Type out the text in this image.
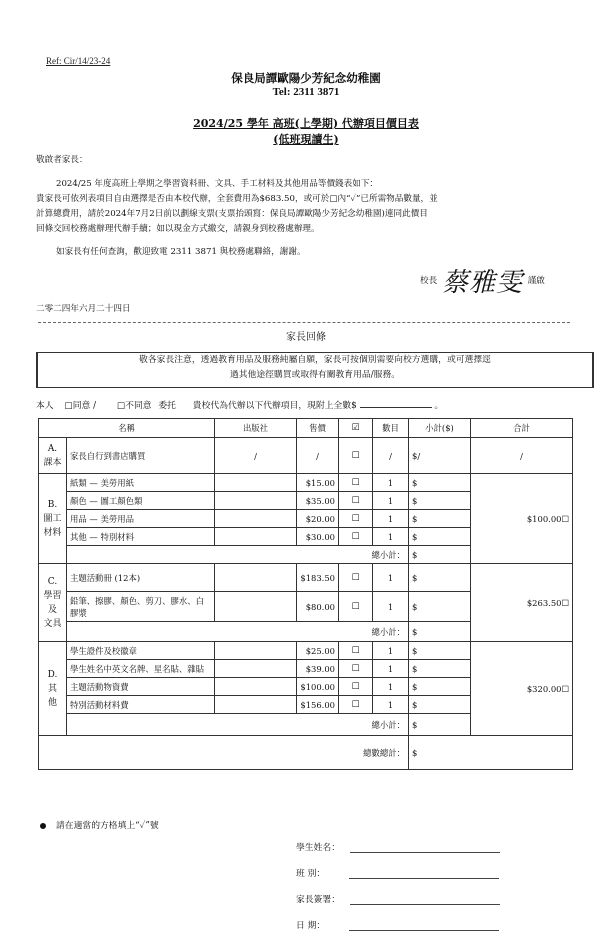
Ref: Cir/14/23-24
保良局譚歐陽少芳紀念幼稚園
Tel: 2311 3871
2024/25 學年 高班(上學期) 代辦項目價目表
(低班現讀生)
敬啟者家長：
2024/25 年度高班上學期之學習資料冊、文具、手工材料及其他用品等價錢表如下：
貴家長可依列表項目自由選擇是否由本校代辦，全套費用為$683.50，或可於□內“✓”已所需物品數量，並
計算總費用，請於2024年7月2日前以劃線支票(支票抬頭寫：保良局譚歐陽少芳紀念幼稚園)連同此價目
回條交回校務處辦理代辦手續；如以現金方式繳交，請親身到校務處辦理。
如家長有任何查詢，歡迎致電 2311 3871 與校務處聯絡，謝謝。
校長 蔡雅雯 謹啟
二零二四年六月二十四日
家長回條
敬各家長注意，透過教育用品及服務純屬自願，家長可按個別需要向校方選購，或可選擇逕
過其他途徑購買或取得有關教育用品/服務。
本人 □同意 / □不同意 委托 貴校代為代辦以下代辦項目，現附上全數$	。
名稱		出版社	售價	☑	數目	小計($)	合計
A.
課本	家長自行到書店購買	/	/	☐	/	$/	/
B.
圖工
材料	紙類 — 美勞用紙		$15.00	☐	1	$	$100.00☐
	顏色 — 圖工顏色類		$35.00	☐	1	$	
	用品 — 美勞用品		$20.00	☐	1	$	
	其他 — 特別材料		$30.00	☐	1	$	
	總小計：					$	
C.
學習
及
文具	主題活動冊 (12本)		$183.50	☐	1	$	$263.50☐
	鉛筆、擦膠、顏色、剪刀、膠水、白膠漿		$80.00	☐	1	$	
	總小計：					$	
D.
其
他	學生證件及校徽章		$25.00	☐	1	$	$320.00☐
	學生姓名中英文名牌、星名貼、雜貼		$39.00	☐	1	$	
	主題活動物資費		$100.00	☐	1	$	
	特別活動材料費		$156.00	☐	1	$	
	總小計：					$	
總數總計：						$	
請在適當的方格填上“✓”號
學生姓名：
班 別：
家長簽署：
日 期：
